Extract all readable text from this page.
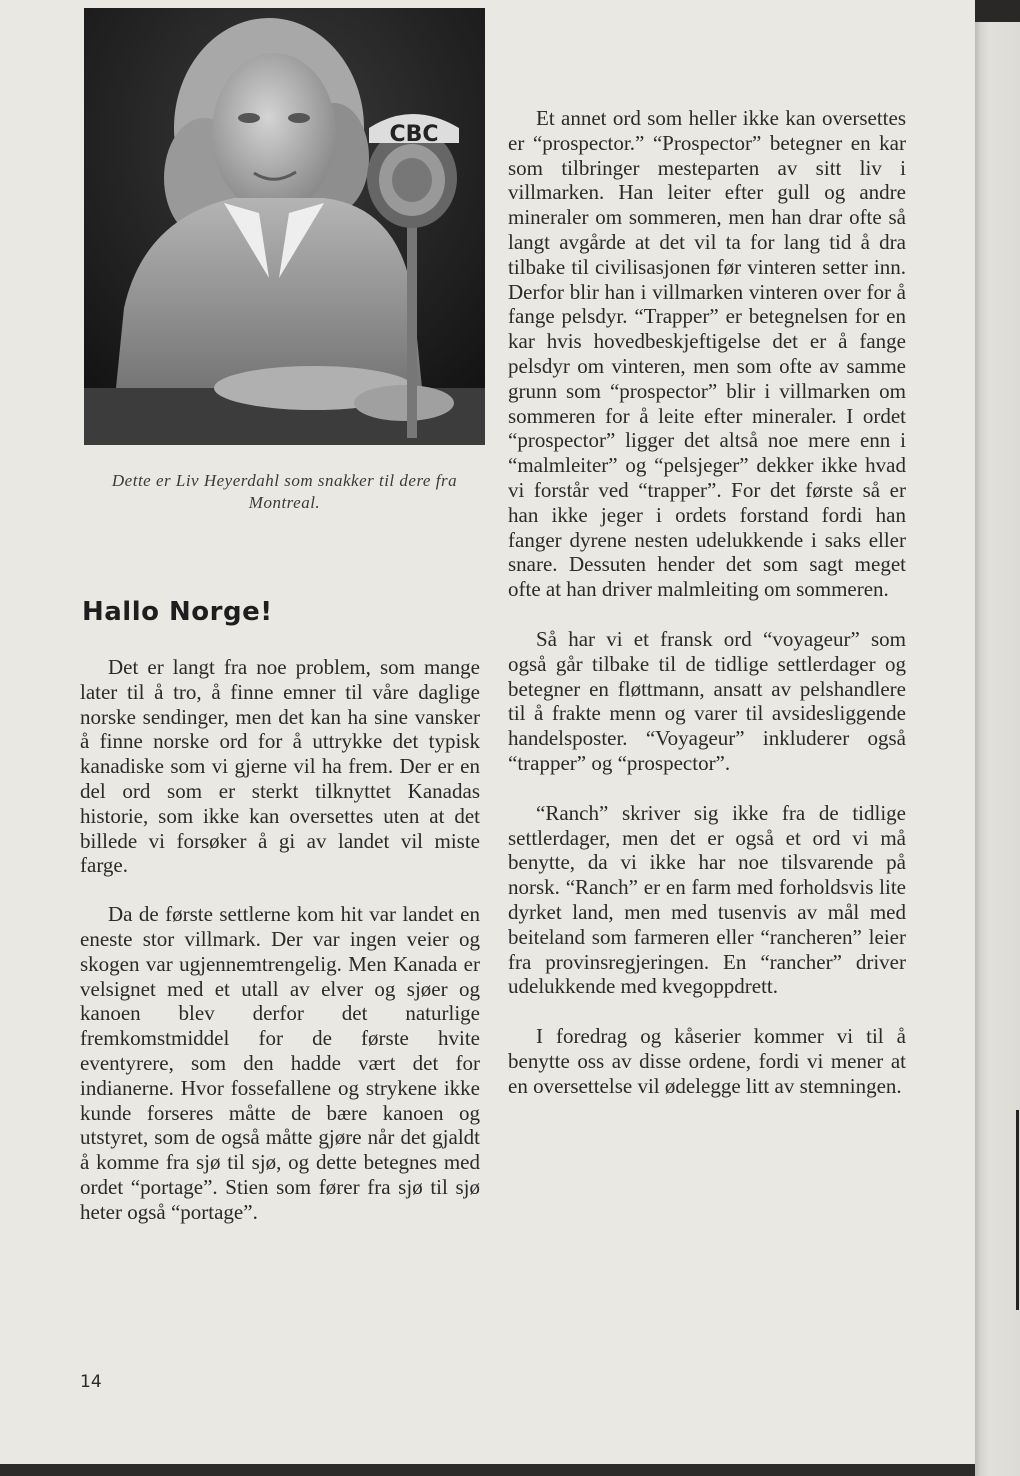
CBC
Dette er Liv Heyerdahl som snakker til dere fra Montreal.
Hallo Norge!

Det er langt fra noe problem, som mange later til å tro, å finne emner til våre daglige norske sendinger, men det kan ha sine vansker å finne norske ord for å uttrykke det typisk kanadiske som vi gjerne vil ha frem. Der er en del ord som er sterkt tilknyttet Kanadas historie, som ikke kan oversettes uten at det billede vi forsøker å gi av landet vil miste farge.

Da de første settlerne kom hit var landet en eneste stor villmark. Der var ingen veier og skogen var ugjennemtrengelig. Men Kanada er velsignet med et utall av elver og sjøer og kanoen blev derfor det naturlige fremkomstmiddel for de første hvite eventyrere, som den hadde vært det for indianerne. Hvor fossefallene og strykene ikke kunde forseres måtte de bære kanoen og utstyret, som de også måtte gjøre når det gjaldt å komme fra sjø til sjø, og dette betegnes med ordet “portage”. Stien som fører fra sjø til sjø heter også “portage”.

Et annet ord som heller ikke kan oversettes er “prospector.” “Prospector” betegner en kar som tilbringer mesteparten av sitt liv i villmarken. Han leiter efter gull og andre mineraler om sommeren, men han drar ofte så langt avgårde at det vil ta for lang tid å dra tilbake til civilisasjonen før vinteren setter inn. Derfor blir han i villmarken vinteren over for å fange pelsdyr. “Trapper” er betegnelsen for en kar hvis hovedbeskjeftigelse det er å fange pelsdyr om vinteren, men som ofte av samme grunn som “prospector” blir i villmarken om sommeren for å leite efter mineraler. I ordet “prospector” ligger det altså noe mere enn i “malmleiter” og “pelsjeger” dekker ikke hvad vi forstår ved “trapper”. For det første så er han ikke jeger i ordets forstand fordi han fanger dyrene nesten udelukkende i saks eller snare. Dessuten hender det som sagt meget ofte at han driver malmleiting om sommeren.

Så har vi et fransk ord “voyageur” som også går tilbake til de tidlige settlerdager og betegner en fløttmann, ansatt av pelshandlere til å frakte menn og varer til avsidesliggende handelsposter. “Voyageur” inkluderer også “trapper” og “prospector”.

“Ranch” skriver sig ikke fra de tidlige settlerdager, men det er også et ord vi må benytte, da vi ikke har noe tilsvarende på norsk. “Ranch” er en farm med forholdsvis lite dyrket land, men med tusenvis av mål med beiteland som farmeren eller “rancheren” leier fra provinsregjeringen. En “rancher” driver udelukkende med kvegoppdrett.

I foredrag og kåserier kommer vi til å benytte oss av disse ordene, fordi vi mener at en oversettelse vil ødelegge litt av stemningen.

14
